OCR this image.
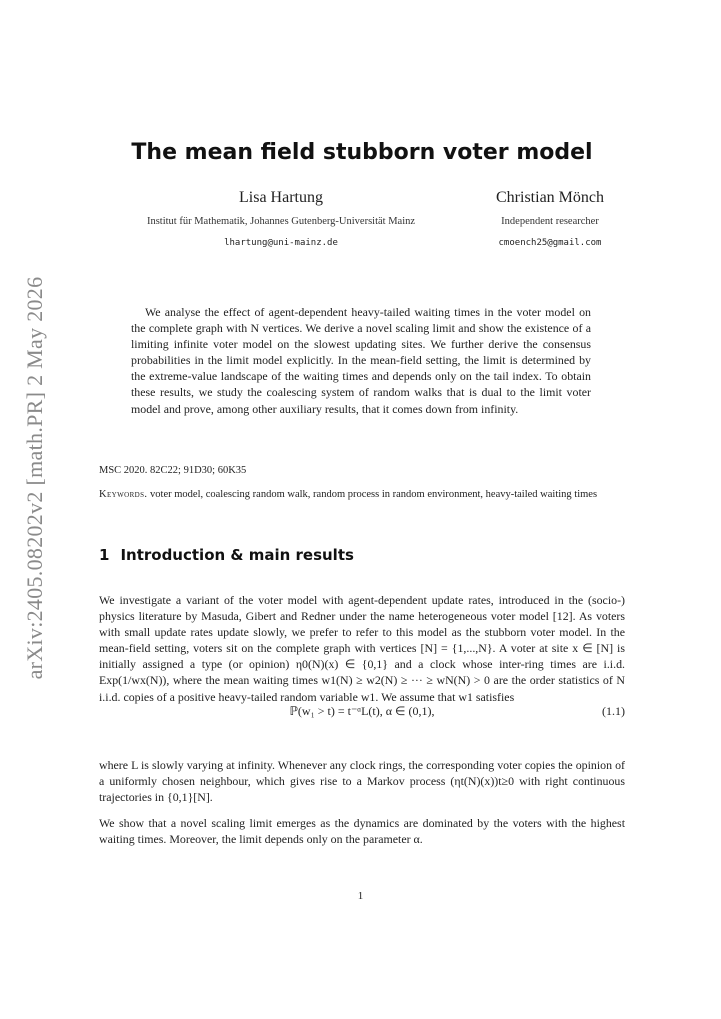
arXiv:2405.08202v2 [math.PR] 2 May 2026
The mean field stubborn voter model
Lisa Hartung
Institut für Mathematik, Johannes Gutenberg-Universität Mainz
lhartung@uni-mainz.de
Christian Mönch
Independent researcher
cmoench25@gmail.com
We analyse the effect of agent-dependent heavy-tailed waiting times in the voter model on the complete graph with N vertices. We derive a novel scaling limit and show the existence of a limiting infinite voter model on the slowest updating sites. We further derive the consensus probabilities in the limit model explicitly. In the mean-field setting, the limit is determined by the extreme-value landscape of the waiting times and depends only on the tail index. To obtain these results, we study the coalescing system of random walks that is dual to the limit voter model and prove, among other auxiliary results, that it comes down from infinity.
MSC 2020. 82C22; 91D30; 60K35
Keywords. voter model, coalescing random walk, random process in random environment, heavy-tailed waiting times
1 Introduction & main results
We investigate a variant of the voter model with agent-dependent update rates, introduced in the (socio-) physics literature by Masuda, Gibert and Redner under the name heterogeneous voter model [12]. As voters with small update rates update slowly, we prefer to refer to this model as the stubborn voter model. In the mean-field setting, voters sit on the complete graph with vertices [N] = {1,...,N}. A voter at site x ∈ [N] is initially assigned a type (or opinion) η0(N)(x) ∈ {0,1} and a clock whose inter-ring times are i.i.d. Exp(1/wx(N)), where the mean waiting times w1(N) ≥ w2(N) ≥ ··· ≥ wN(N) > 0 are the order statistics of N i.i.d. copies of a positive heavy-tailed random variable w1. We assume that w1 satisfies
ℙ(w₁ > t) = t⁻ᵅL(t), α ∈ (0,1),	(1.1)
where L is slowly varying at infinity. Whenever any clock rings, the corresponding voter copies the opinion of a uniformly chosen neighbour, which gives rise to a Markov process (ηt(N)(x))t≥0 with right continuous trajectories in {0,1}[N].
We show that a novel scaling limit emerges as the dynamics are dominated by the voters with the highest waiting times. Moreover, the limit depends only on the parameter α.
1
